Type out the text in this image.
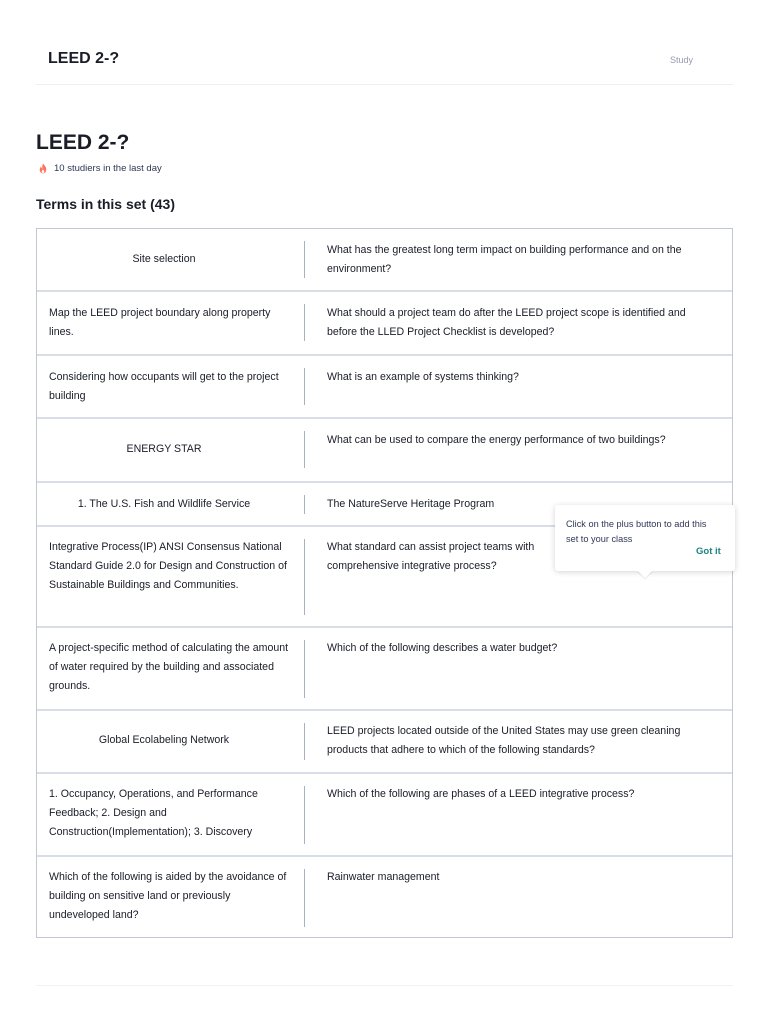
LEED 2-?	Study
LEED 2-?
10 studiers in the last day
Terms in this set (43)
Site selection
What has the greatest long term impact on building performance and on the environment?
Map the LEED project boundary along property lines.
What should a project team do after the LEED project scope is identified and before the LLED Project Checklist is developed?
Considering how occupants will get to the project building
What is an example of systems thinking?
ENERGY STAR
What can be used to compare the energy performance of two buildings?
1. The U.S. Fish and Wildlife Service	The NatureServe Heritage Program
Integrative Process(IP) ANSI Consensus National Standard Guide 2.0 for Design and Construction of Sustainable Buildings and Communities.
What standard can assist project teams with comprehensive integrative process?
A project-specific method of calculating the amount of water required by the building and associated grounds.
Which of the following describes a water budget?
Global Ecolabeling Network
LEED projects located outside of the United States may use green cleaning products that adhere to which of the following standards?
1. Occupancy, Operations, and Performance Feedback; 2. Design and Construction(Implementation); 3. Discovery
Which of the following are phases of a LEED integrative process?
Which of the following is aided by the avoidance of building on sensitive land or previously undeveloped land?
Rainwater management
Click on the plus button to add this set to your class
Got it
